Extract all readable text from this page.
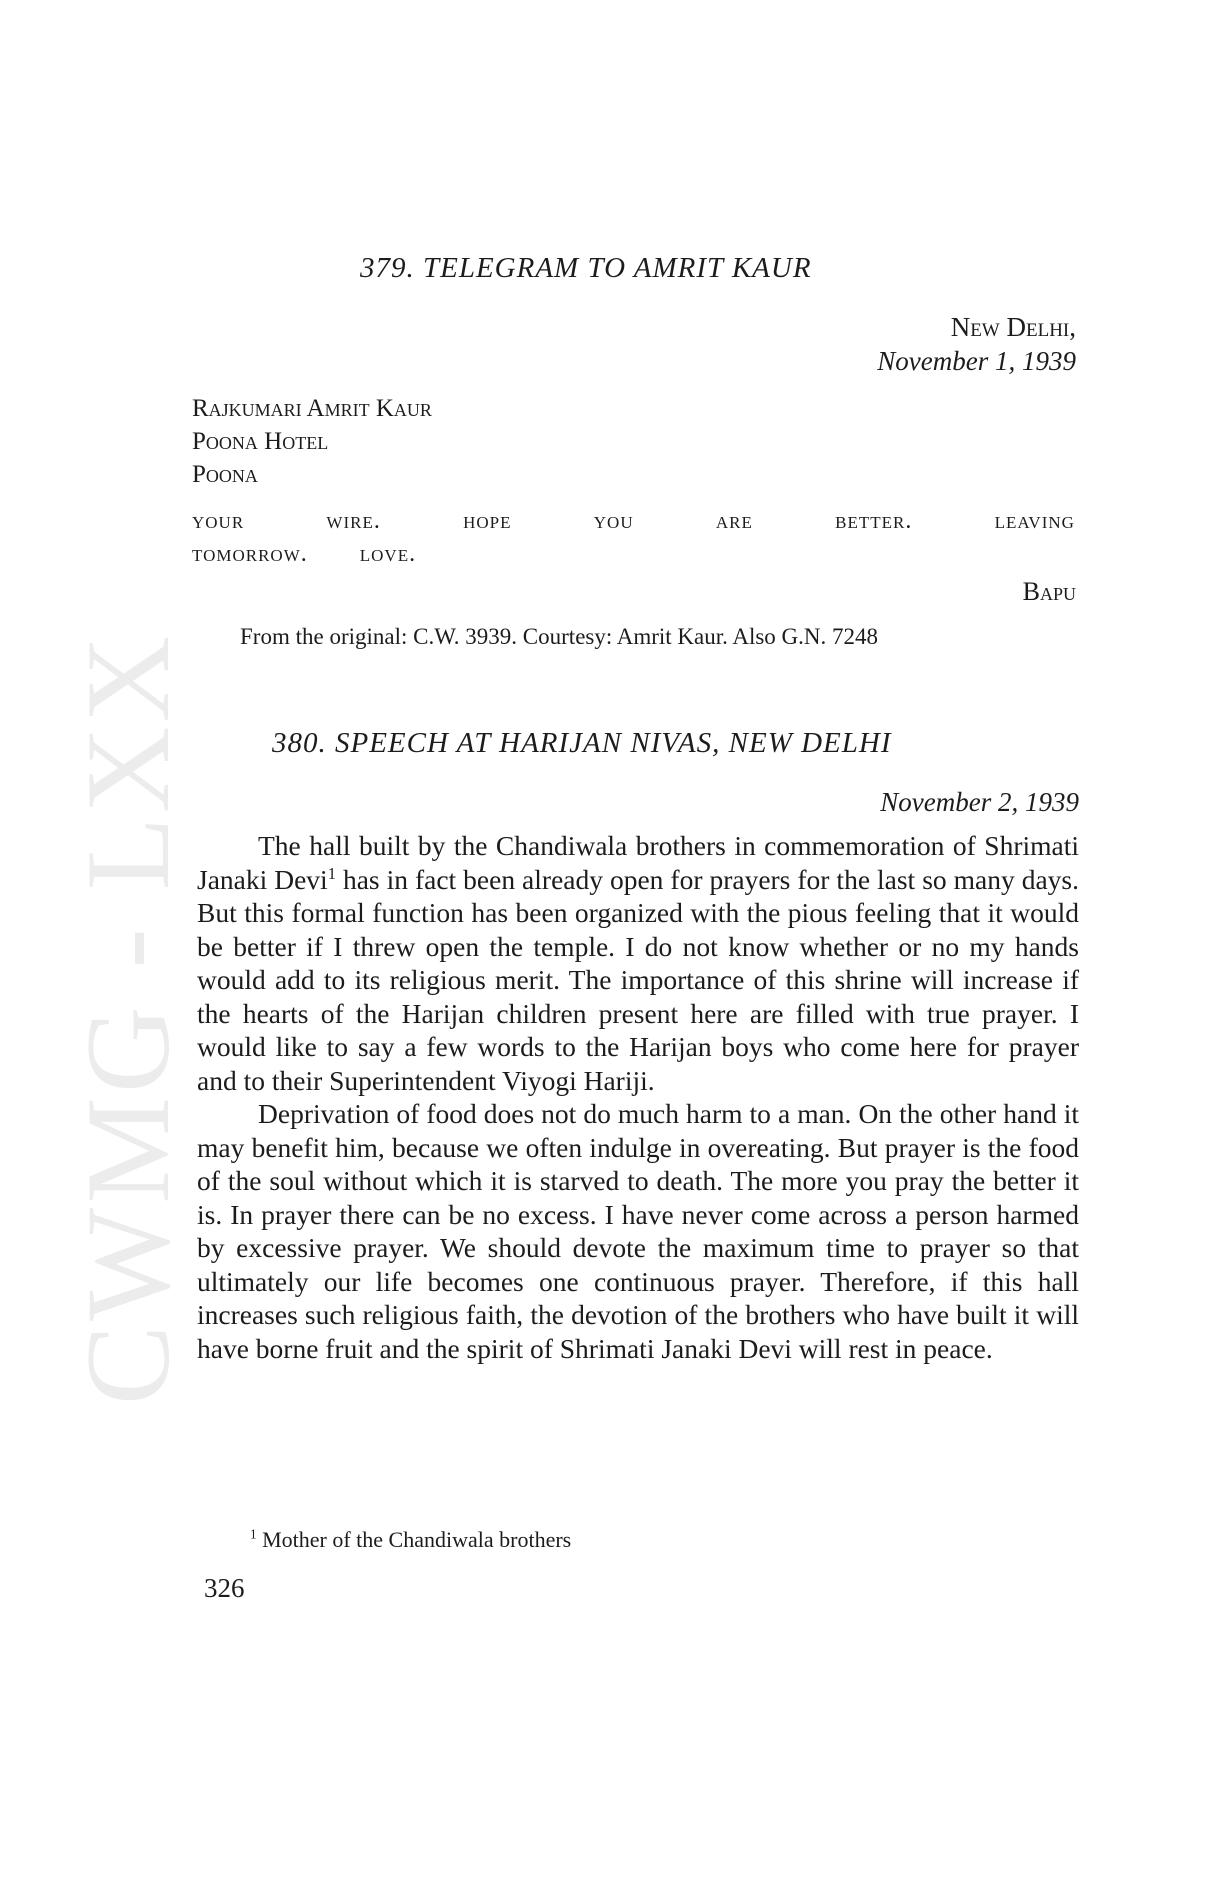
CWMG - LXX
379. TELEGRAM TO AMRIT KAUR
New Delhi,
November 1, 1939
Rajkumari Amrit Kaur
Poona Hotel
Poona
your	wire.	hope	you	are	better.	leaving
tomorrow. love.
Bapu
From the original: C.W. 3939. Courtesy: Amrit Kaur. Also G.N. 7248
380. SPEECH AT HARIJAN NIVAS, NEW DELHI
November 2, 1939

The hall built by the Chandiwala brothers in commemoration of Shrimati Janaki Devi$^1$ has in fact been already open for prayers for the last so many days. But this formal function has been organized with the pious feeling that it would be better if I threw open the temple. I do not know whether or no my hands would add to its religious merit. The importance of this shrine will increase if the hearts of the Harijan children present here are filled with true prayer. I would like to say a few words to the Harijan boys who come here for prayer and to their Superintendent Viyogi Hariji.

Deprivation of food does not do much harm to a man. On the other hand it may benefit him, because we often indulge in overeating. But prayer is the food of the soul without which it is starved to death. The more you pray the better it is. In prayer there can be no excess. I have never come across a person harmed by excessive prayer. We should devote the maximum time to prayer so that ultimately our life becomes one continuous prayer. Therefore, if this hall increases such religious faith, the devotion of the brothers who have built it will have borne fruit and the spirit of Shrimati Janaki Devi will rest in peace.

$^1$ Mother of the Chandiwala brothers
326
